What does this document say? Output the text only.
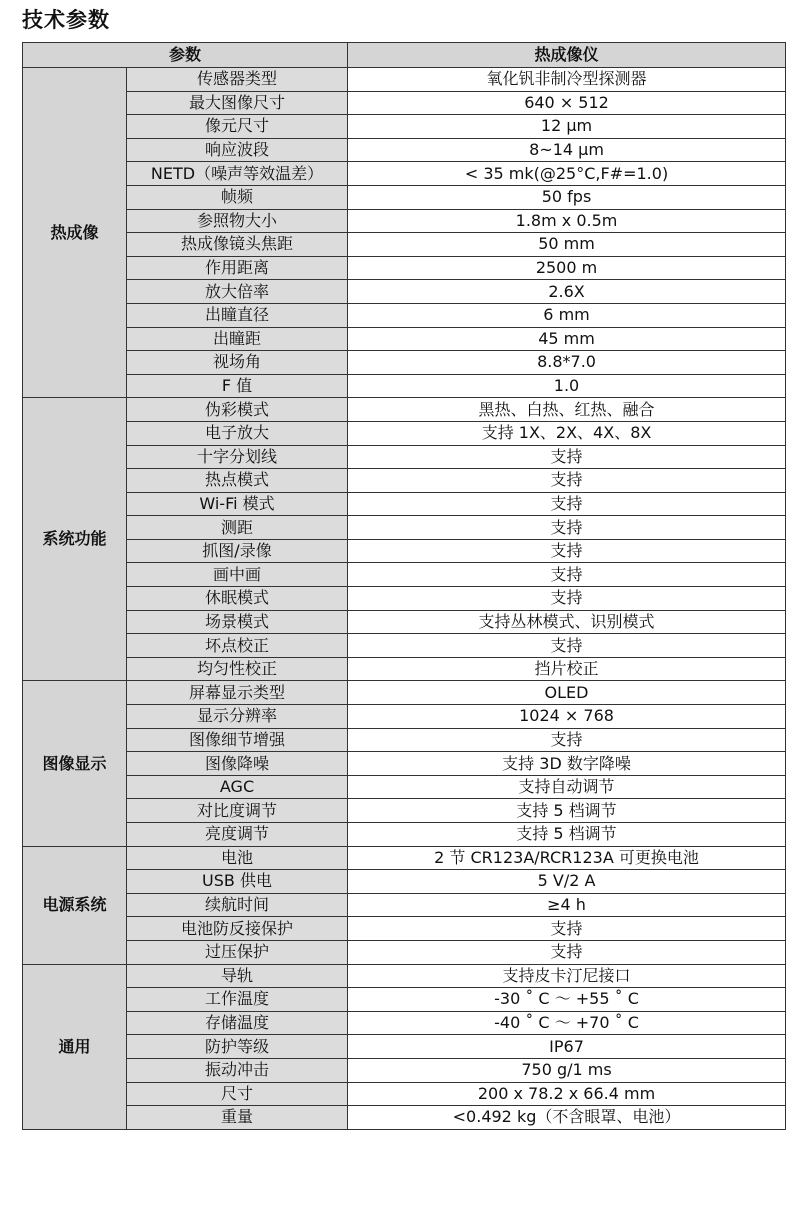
技术参数
参数		热成像仪
热成像	传感器类型	氧化钒非制冷型探测器
	最大图像尺寸	640 × 512
	像元尺寸	12 μm
	响应波段	8~14 μm
	NETD（噪声等效温差）	< 35 mk(@25°C,F#=1.0)
	帧频	50 fps
	参照物大小	1.8m x 0.5m
	热成像镜头焦距	50 mm
	作用距离	2500 m
	放大倍率	2.6X
	出瞳直径	6 mm
	出瞳距	45 mm
	视场角	8.8*7.0
	F 值	1.0
系统功能	伪彩模式	黑热、白热、红热、融合
	电子放大	支持 1X、2X、4X、8X
	十字分划线	支持
	热点模式	支持
	Wi-Fi 模式	支持
	测距	支持
	抓图/录像	支持
	画中画	支持
	休眠模式	支持
	场景模式	支持丛林模式、识别模式
	坏点校正	支持
	均匀性校正	挡片校正
图像显示	屏幕显示类型	OLED
	显示分辨率	1024 × 768
	图像细节增强	支持
	图像降噪	支持 3D 数字降噪
	AGC	支持自动调节
	对比度调节	支持 5 档调节
	亮度调节	支持 5 档调节
电源系统	电池	2 节 CR123A/RCR123A 可更换电池
	USB 供电	5 V/2 A
	续航时间	≥4 h
	电池防反接保护	支持
	过压保护	支持
通用	导轨	支持皮卡汀尼接口
	工作温度	-30 ˚ C ～ +55 ˚ C
	存储温度	-40 ˚ C ～ +70 ˚ C
	防护等级	IP67
	振动冲击	750 g/1 ms
	尺寸	200 x 78.2 x 66.4 mm
	重量	<0.492 kg（不含眼罩、电池）
